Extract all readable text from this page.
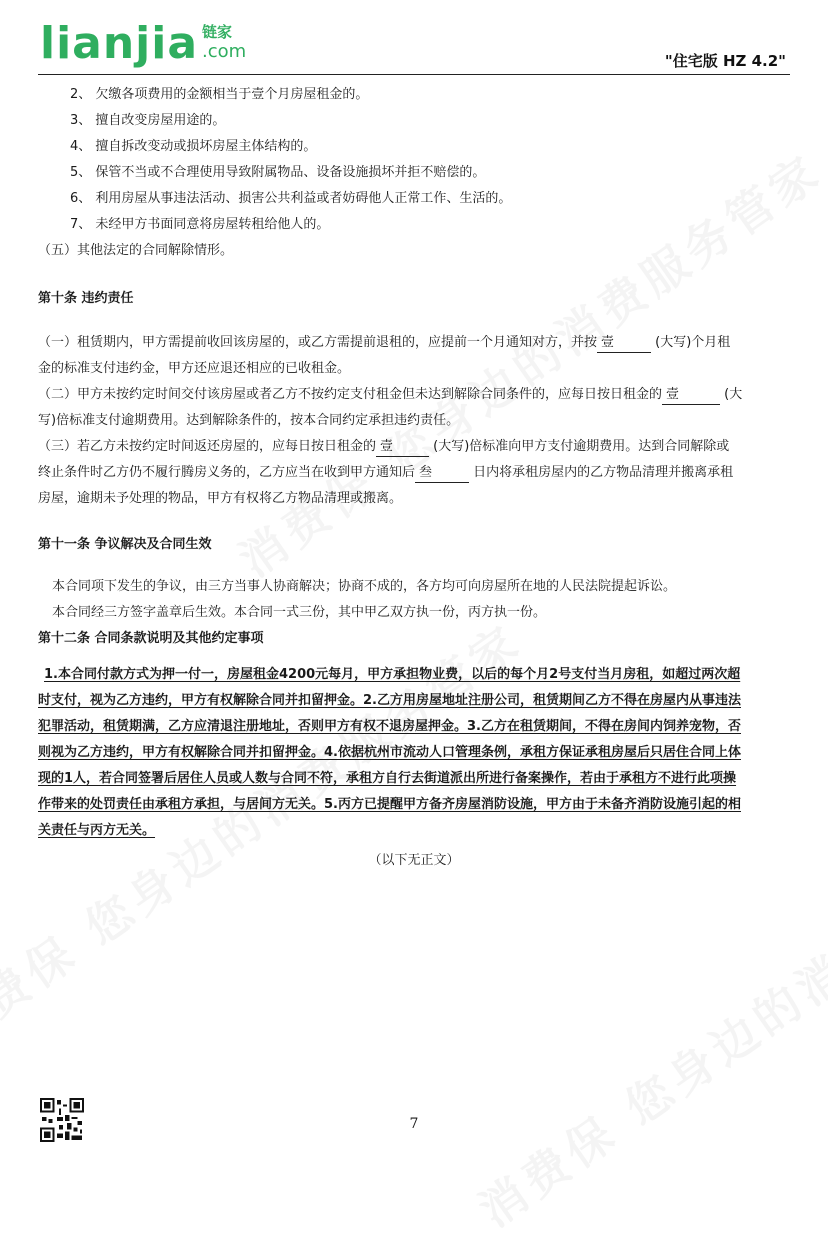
lianjia 链家
.com	"住宅版 HZ 4.2"
2、 欠缴各项费用的金额相当于壹个月房屋租金的。
3、 擅自改变房屋用途的。
4、 擅自拆改变动或损坏房屋主体结构的。
5、 保管不当或不合理使用导致附属物品、设备设施损坏并拒不赔偿的。
6、 利用房屋从事违法活动、损害公共利益或者妨碍他人正常工作、生活的。
7、 未经甲方书面同意将房屋转租给他人的。
（五）其他法定的合同解除情形。
第十条 违约责任
（一）租赁期内，甲方需提前收回该房屋的，或乙方需提前退租的，应提前一个月通知对方，并按 壹	(大写)个月租
金的标准支付违约金，甲方还应退还相应的已收租金。
（二）甲方未按约定时间交付该房屋或者乙方不按约定支付租金但未达到解除合同条件的，应每日按日租金的 壹	(大
写)倍标准支付逾期费用。达到解除条件的，按本合同约定承担违约责任。
（三）若乙方未按约定时间返还房屋的，应每日按日租金的 壹	(大写)倍标准向甲方支付逾期费用。达到合同解除或
终止条件时乙方仍不履行腾房义务的，乙方应当在收到甲方通知后 叁	日内将承租房屋内的乙方物品清理并搬离承租
房屋，逾期未予处理的物品，甲方有权将乙方物品清理或搬离。
第十一条 争议解决及合同生效
本合同项下发生的争议，由三方当事人协商解决；协商不成的，各方均可向房屋所在地的人民法院提起诉讼。
本合同经三方签字盖章后生效。本合同一式三份，其中甲乙双方执一份，丙方执一份。
第十二条 合同条款说明及其他约定事项
1.本合同付款方式为押一付一，房屋租金4200元每月，甲方承担物业费，以后的每个月2号支付当月房租，如超过两次超
时支付，视为乙方违约，甲方有权解除合同并扣留押金。2.乙方用房屋地址注册公司，租赁期间乙方不得在房屋内从事违法
犯罪活动，租赁期满，乙方应清退注册地址，否则甲方有权不退房屋押金。3.乙方在租赁期间，不得在房间内饲养宠物，否
则视为乙方违约，甲方有权解除合同并扣留押金。4.依据杭州市流动人口管理条例，承租方保证承租房屋后只居住合同上体
现的1人，若合同签署后居住人员或人数与合同不符，承租方自行去街道派出所进行备案操作，若由于承租方不进行此项操
作带来的处罚责任由承租方承担，与居间方无关。5.丙方已提醒甲方备齐房屋消防设施，甲方由于未备齐消防设施引起的相
关责任与丙方无关。
（以下无正文）
7
